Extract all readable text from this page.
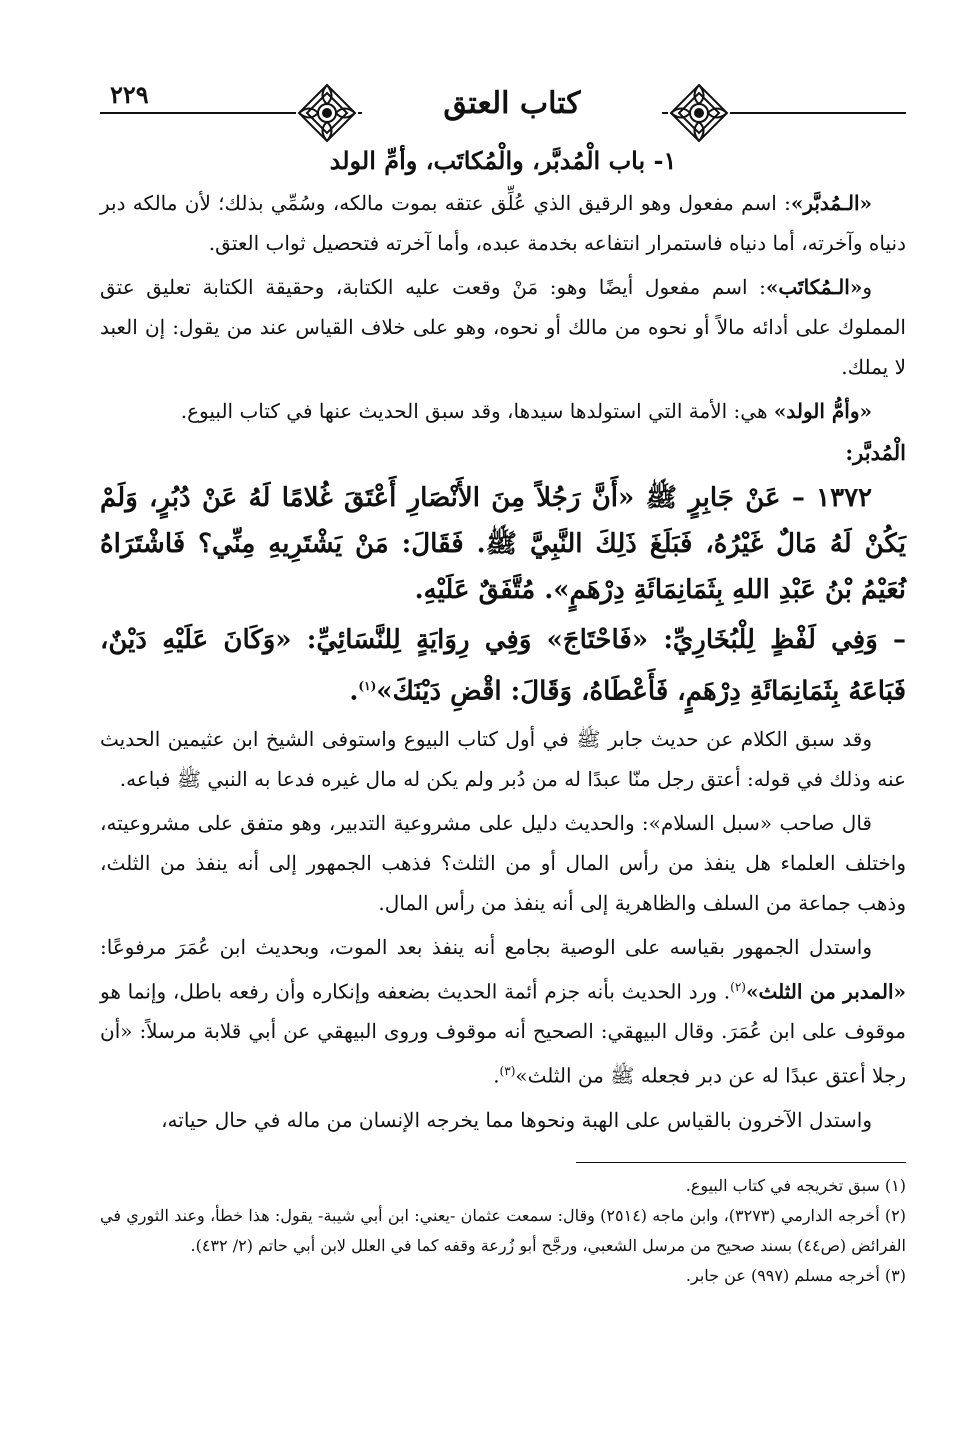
٢٢٩	كتاب العتق
١- باب الْمُدبَّر، والْمُكاتَب، وأمِّ الولد

«الـمُدبَّر»: اسم مفعول وهو الرقيق الذي عُلِّق عتقه بموت مالكه، وسُمِّي بذلك؛ لأن مالكه دبر دنياه وآخرته، أما دنياه فاستمرار انتفاعه بخدمة عبده، وأما آخرته فتحصيل ثواب العتق.

و«الـمُكاتَب»: اسم مفعول أيضًا وهو: مَنْ وقعت عليه الكتابة، وحقيقة الكتابة تعليق عتق المملوك على أدائه مالاً أو نحوه من مالك أو نحوه، وهو على خلاف القياس عند من يقول: إن العبد لا يملك.

«وأمُّ الولد» هي: الأمة التي استولدها سيدها، وقد سبق الحديث عنها في كتاب البيوع.

الْمُدبَّر:

١٣٧٢ – عَنْ جَابِرٍ ﷺ «أَنَّ رَجُلاً مِنَ الأَنْصَارِ أَعْتَقَ غُلامًا لَهُ عَنْ دُبُرٍ، وَلَمْ يَكُنْ لَهُ مَالٌ غَيْرُهُ، فَبَلَغَ ذَلِكَ النَّبِيَّ ﷺ. فَقَالَ: مَنْ يَشْتَرِيهِ مِنِّي؟ فَاشْتَرَاهُ نُعَيْمُ بْنُ عَبْدِ اللهِ بِثَمَانِمَائَةِ دِرْهَمٍ». مُتَّفَقٌ عَلَيْهِ.

– وَفِي لَفْظٍ لِلْبُخَارِيِّ: «فَاحْتَاجَ» وَفِي رِوَايَةٍ لِلنَّسَائِيِّ: «وَكَانَ عَلَيْهِ دَيْنٌ، فَبَاعَهُ بِثَمَانِمَائَةِ دِرْهَمٍ، فَأَعْطَاهُ، وَقَالَ: اقْضِ دَيْنَكَ»$^{(١)}$.

وقد سبق الكلام عن حديث جابر ﷺ في أول كتاب البيوع واستوفى الشيخ ابن عثيمين الحديث عنه وذلك في قوله: أعتق رجل منّا عبدًا له من دُبر ولم يكن له مال غيره فدعا به النبي ﷺ فباعه.

قال صاحب «سبل السلام»: والحديث دليل على مشروعية التدبير، وهو متفق على مشروعيته، واختلف العلماء هل ينفذ من رأس المال أو من الثلث؟ فذهب الجمهور إلى أنه ينفذ من الثلث، وذهب جماعة من السلف والظاهرية إلى أنه ينفذ من رأس المال.

واستدل الجمهور بقياسه على الوصية بجامع أنه ينفذ بعد الموت، وبحديث ابن عُمَرَ مرفوعًا: «المدبر من الثلث»$^{(٢)}$. ورد الحديث بأنه جزم أئمة الحديث بضعفه وإنكاره وأن رفعه باطل، وإنما هو موقوف على ابن عُمَرَ. وقال البيهقي: الصحيح أنه موقوف وروى البيهقي عن أبي قلابة مرسلاً: «أن رجلا أعتق عبدًا له عن دبر فجعله ﷺ من الثلث»$^{(٣)}$.

واستدل الآخرون بالقياس على الهبة ونحوها مما يخرجه الإنسان من ماله في حال حياته،

(١) سبق تخريجه في كتاب البيوع.

(٢) أخرجه الدارمي (٣٢٧٣)، وابن ماجه (٢٥١٤) وقال: سمعت عثمان -يعني: ابن أبي شيبة- يقول: هذا خطأ، وعند الثوري في الفرائض (ص٤٤) بسند صحيح من مرسل الشعبي، ورجَّح أبو زُرعة وقفه كما في العلل لابن أبي حاتم (٢/ ٤٣٢).

(٣) أخرجه مسلم (٩٩٧) عن جابر.
